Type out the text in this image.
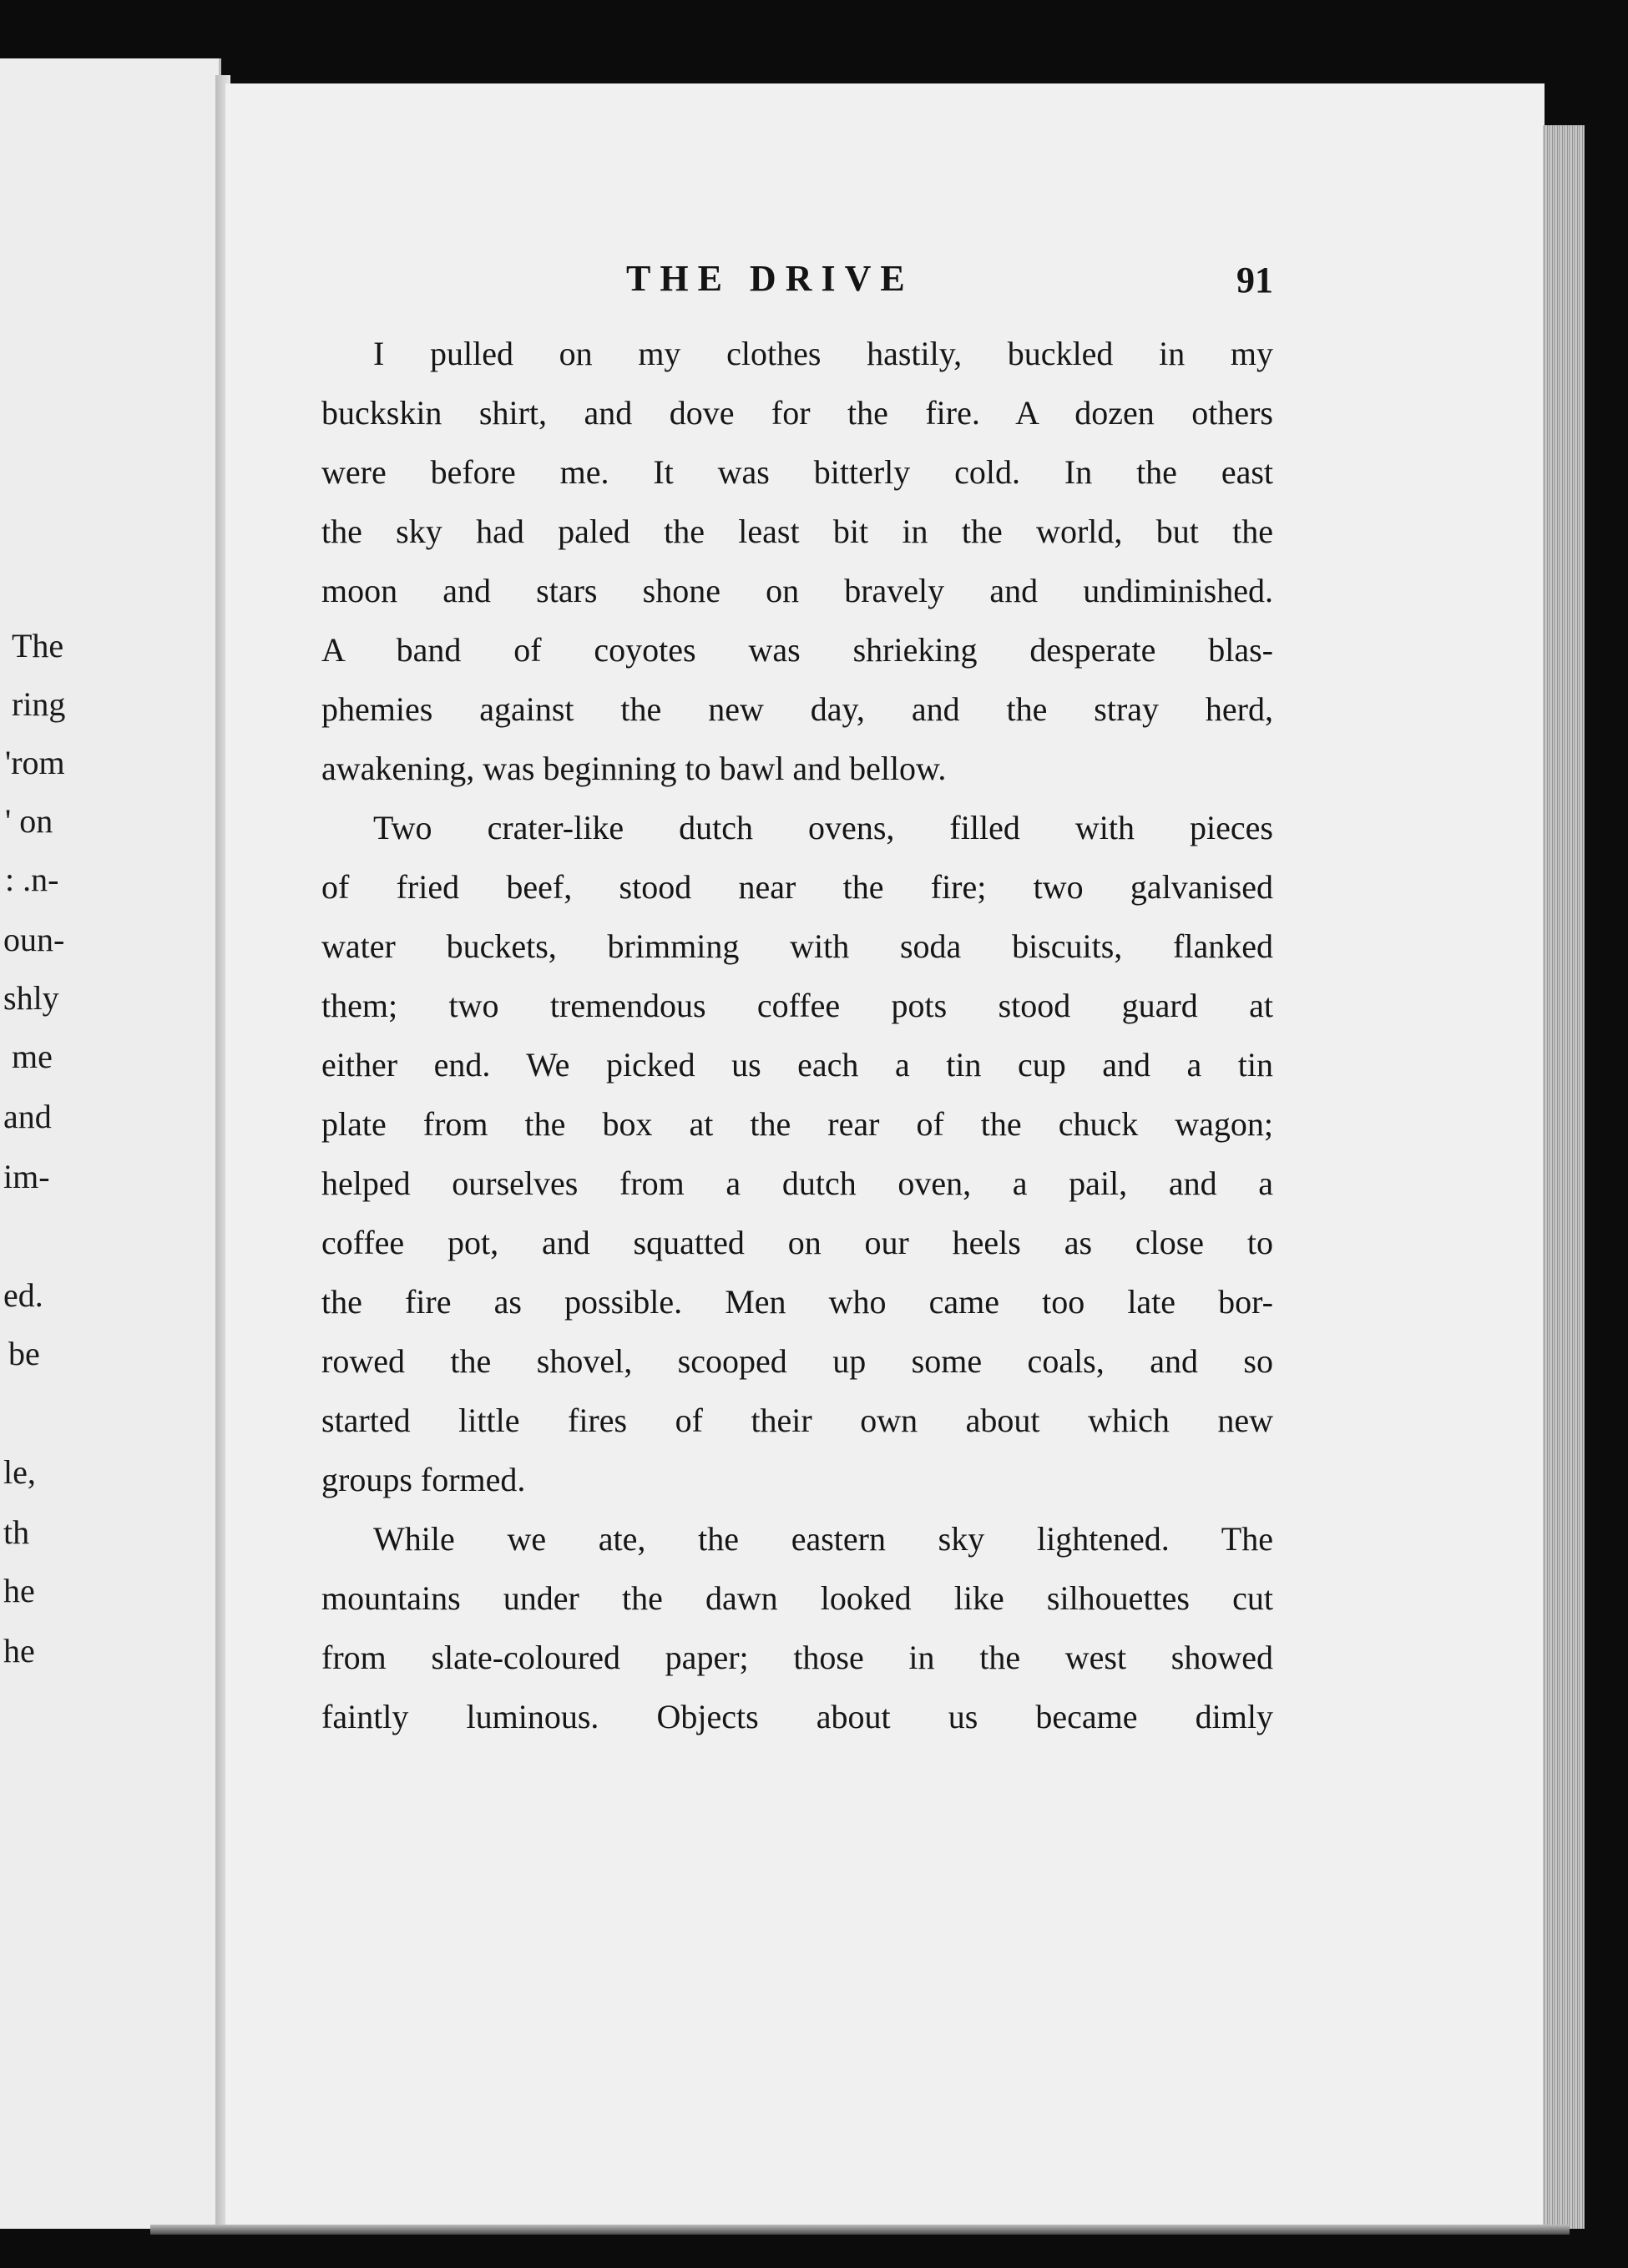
The
ring
'rom
' on
: .n-
oun-
shly
me
and
im-
ed.
be
le,
th
he
he
THE DRIVE	91
I pulled on my clothes hastily, buckled in my
buckskin shirt, and dove for the fire. A dozen others
were before me. It was bitterly cold. In the east
the sky had paled the least bit in the world, but the
moon and stars shone on bravely and undiminished.
A band of coyotes was shrieking desperate blas-
phemies against the new day, and the stray herd,
awakening, was beginning to bawl and bellow.
Two crater-like dutch ovens, filled with pieces
of fried beef, stood near the fire; two galvanised
water buckets, brimming with soda biscuits, flanked
them; two tremendous coffee pots stood guard at
either end. We picked us each a tin cup and a tin
plate from the box at the rear of the chuck wagon;
helped ourselves from a dutch oven, a pail, and a
coffee pot, and squatted on our heels as close to
the fire as possible. Men who came too late bor-
rowed the shovel, scooped up some coals, and so
started little fires of their own about which new
groups formed.
While we ate, the eastern sky lightened. The
mountains under the dawn looked like silhouettes cut
from slate-coloured paper; those in the west showed
faintly luminous. Objects about us became dimly
